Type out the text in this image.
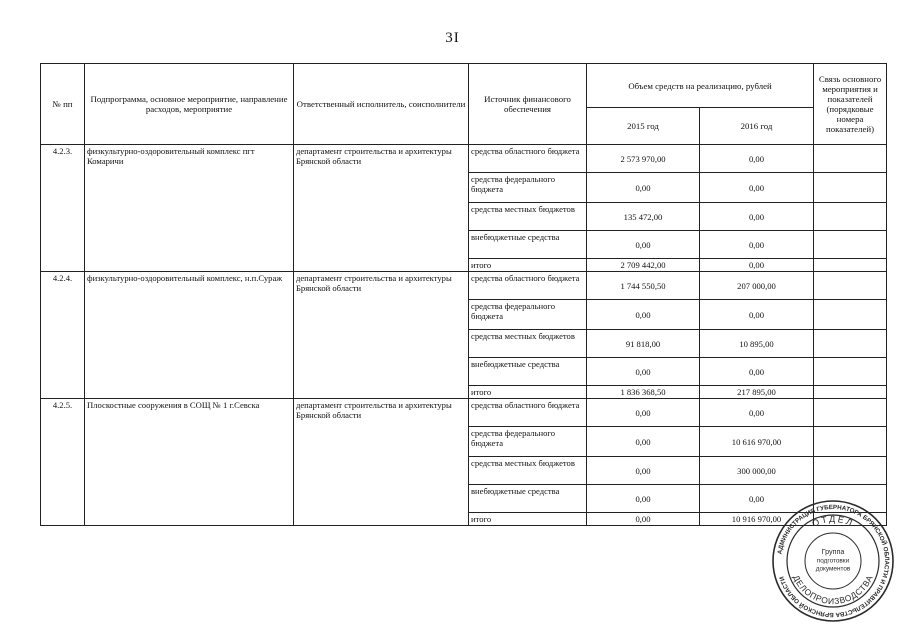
3I
№ пп	Подпрограмма, основное мероприятие, направление расходов, мероприятие	Ответственный исполнитель, соисполнители	Источник финансового обеспечения	Объем средств на реализацию, рублей		Связь основного мероприятия и показателей (порядковые номера показателей)
				2015 год	2016 год	
4.2.3.	физкультурно-оздоровительный комплекс пгт Комаричи	департамент строительства и архитектуры Брянской области	средства областного бюджета	2 573 970,00	0,00	
			средства федерального бюджета	0,00	0,00	
			средства местных бюджетов	135 472,00	0,00	
			внебюджетные средства	0,00	0,00	
			итого	2 709 442,00	0,00	
4.2.4.	физкультурно-оздоровительный комплекс, н.п.Сураж	департамент строительства и архитектуры Брянской области	средства областного бюджета	1 744 550,50	207 000,00	
			средства федерального бюджета	0,00	0,00	
			средства местных бюджетов	91 818,00	10 895,00	
			внебюджетные средства	0,00	0,00	
			итого	1 836 368,50	217 895,00	
4.2.5.	Плоскостные сооружения в СОЩ № 1 г.Севска	департамент строительства и архитектуры Брянской области	средства областного бюджета	0,00	0,00	
			средства федерального бюджета	0,00	10 616 970,00	
			средства местных бюджетов	0,00	300 000,00	
			внебюджетные средства	0,00	0,00	
			итого	0,00	10 916 970,00	
АДМИНИСТРАЦИЯ ГУБЕРНАТОРА БРЯНСКОЙ ОБЛАСТИ И ПРАВИТЕЛЬСТВА БРЯНСКОЙ ОБЛАСТИ
ОТДЕЛ
ДЕЛОПРОИЗВОДСТВА
Группа
подготовки
документов
